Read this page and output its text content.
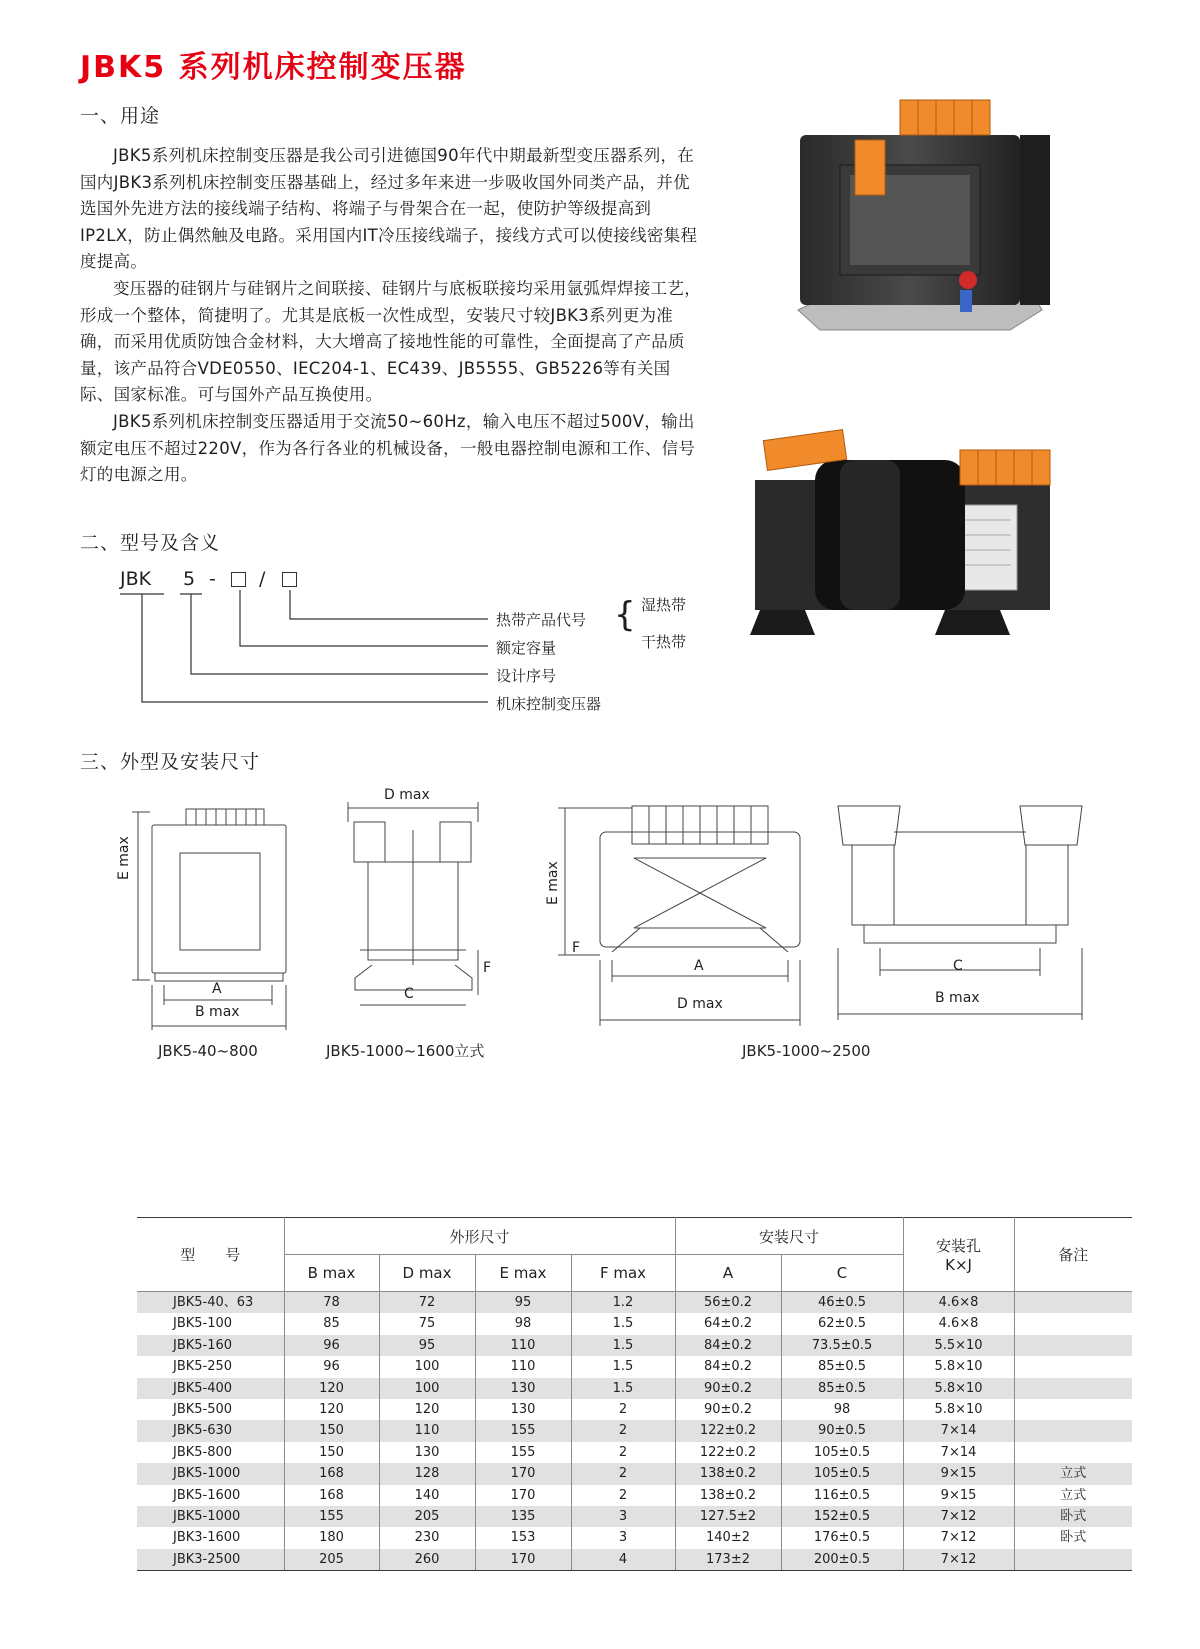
JBK5 系列机床控制变压器
一、用途

JBK5系列机床控制变压器是我公司引进德国90年代中期最新型变压器系列，在国内JBK3系列机床控制变压器基础上，经过多年来进一步吸收国外同类产品，并优选国外先进方法的接线端子结构、将端子与骨架合在一起，使防护等级提高到IP2LX，防止偶然触及电路。采用国内IT冷压接线端子，接线方式可以使接线密集程度提高。

变压器的硅钢片与硅钢片之间联接、硅钢片与底板联接均采用氩弧焊焊接工艺，形成一个整体，简捷明了。尤其是底板一次性成型，安装尺寸较JBK3系列更为准确，而采用优质防蚀合金材料，大大增高了接地性能的可靠性，全面提高了产品质量，该产品符合VDE0550、IEC204-1、EC439、JB5555、GB5226等有关国际、国家标准。可与国外产品互换使用。

JBK5系列机床控制变压器适用于交流50~60Hz，输入电压不超过500V，输出额定电压不超过220V，作为各行各业的机械设备，一般电器控制电源和工作、信号灯的电源之用。

二、型号及含义
JBK 5 - /
热带产品代号
额定容量
设计序号
机床控制变压器
{ 湿热带
干热带
三、外型及安装尺寸
E max
A
B max
D max
C
F
E max
F
A
D max
C
B max
JBK5-40~800	JBK5-1000~1600立式	JBK5-1000~2500
型　　号	外形尺寸				安装尺寸		安装孔
K×J	备注
	B max	D max	E max	F max	A	C		
JBK5-40、63	78	72	95	1.2	56±0.2	46±0.5	4.6×8	
JBK5-100	85	75	98	1.5	64±0.2	62±0.5	4.6×8	
JBK5-160	96	95	110	1.5	84±0.2	73.5±0.5	5.5×10	
JBK5-250	96	100	110	1.5	84±0.2	85±0.5	5.8×10	
JBK5-400	120	100	130	1.5	90±0.2	85±0.5	5.8×10	
JBK5-500	120	120	130	2	90±0.2	98	5.8×10	
JBK5-630	150	110	155	2	122±0.2	90±0.5	7×14	
JBK5-800	150	130	155	2	122±0.2	105±0.5	7×14	
JBK5-1000	168	128	170	2	138±0.2	105±0.5	9×15	立式
JBK5-1600	168	140	170	2	138±0.2	116±0.5	9×15	立式
JBK5-1000	155	205	135	3	127.5±2	152±0.5	7×12	卧式
JBK3-1600	180	230	153	3	140±2	176±0.5	7×12	卧式
JBK3-2500	205	260	170	4	173±2	200±0.5	7×12	
